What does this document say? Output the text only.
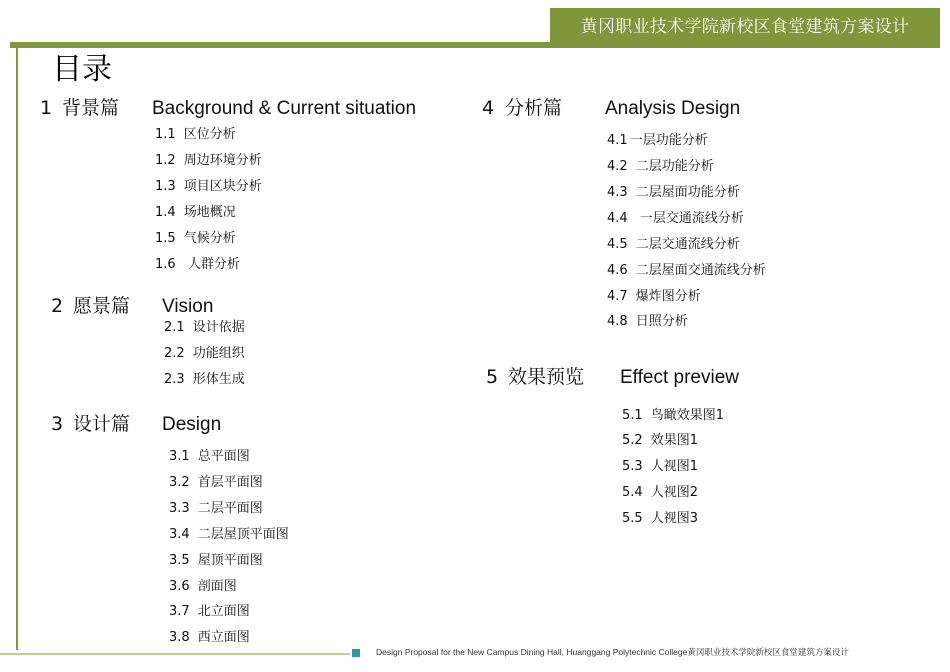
黄冈职业技术学院新校区食堂建筑方案设计
目录
1 背景篇 Background & Current situation
1.1 区位分析
1.2 周边环境分析
1.3 项目区块分析
1.4 场地概况
1.5 气候分析
1.6 人群分析
2 愿景篇 Vision
2.1 设计依据
2.2 功能组织
2.3 形体生成
3 设计篇 Design
3.1 总平面图
3.2 首层平面图
3.3 二层平面图
3.4 二层屋顶平面图
3.5 屋顶平面图
3.6 剖面图
3.7 北立面图
3.8 西立面图
4 分析篇 Analysis Design
4.1 一层功能分析
4.2 二层功能分析
4.3 二层屋面功能分析
4.4 一层交通流线分析
4.5 二层交通流线分析
4.6 二层屋面交通流线分析
4.7 爆炸图分析
4.8 日照分析
5 效果预览 Effect preview
5.1 鸟瞰效果图1
5.2 效果图1
5.3 人视图1
5.4 人视图2
5.5 人视图3
Design Proposal for the New Campus Dining Hall, Huanggang Polytechnic College黄冈职业技术学院新校区食堂建筑方案设计
